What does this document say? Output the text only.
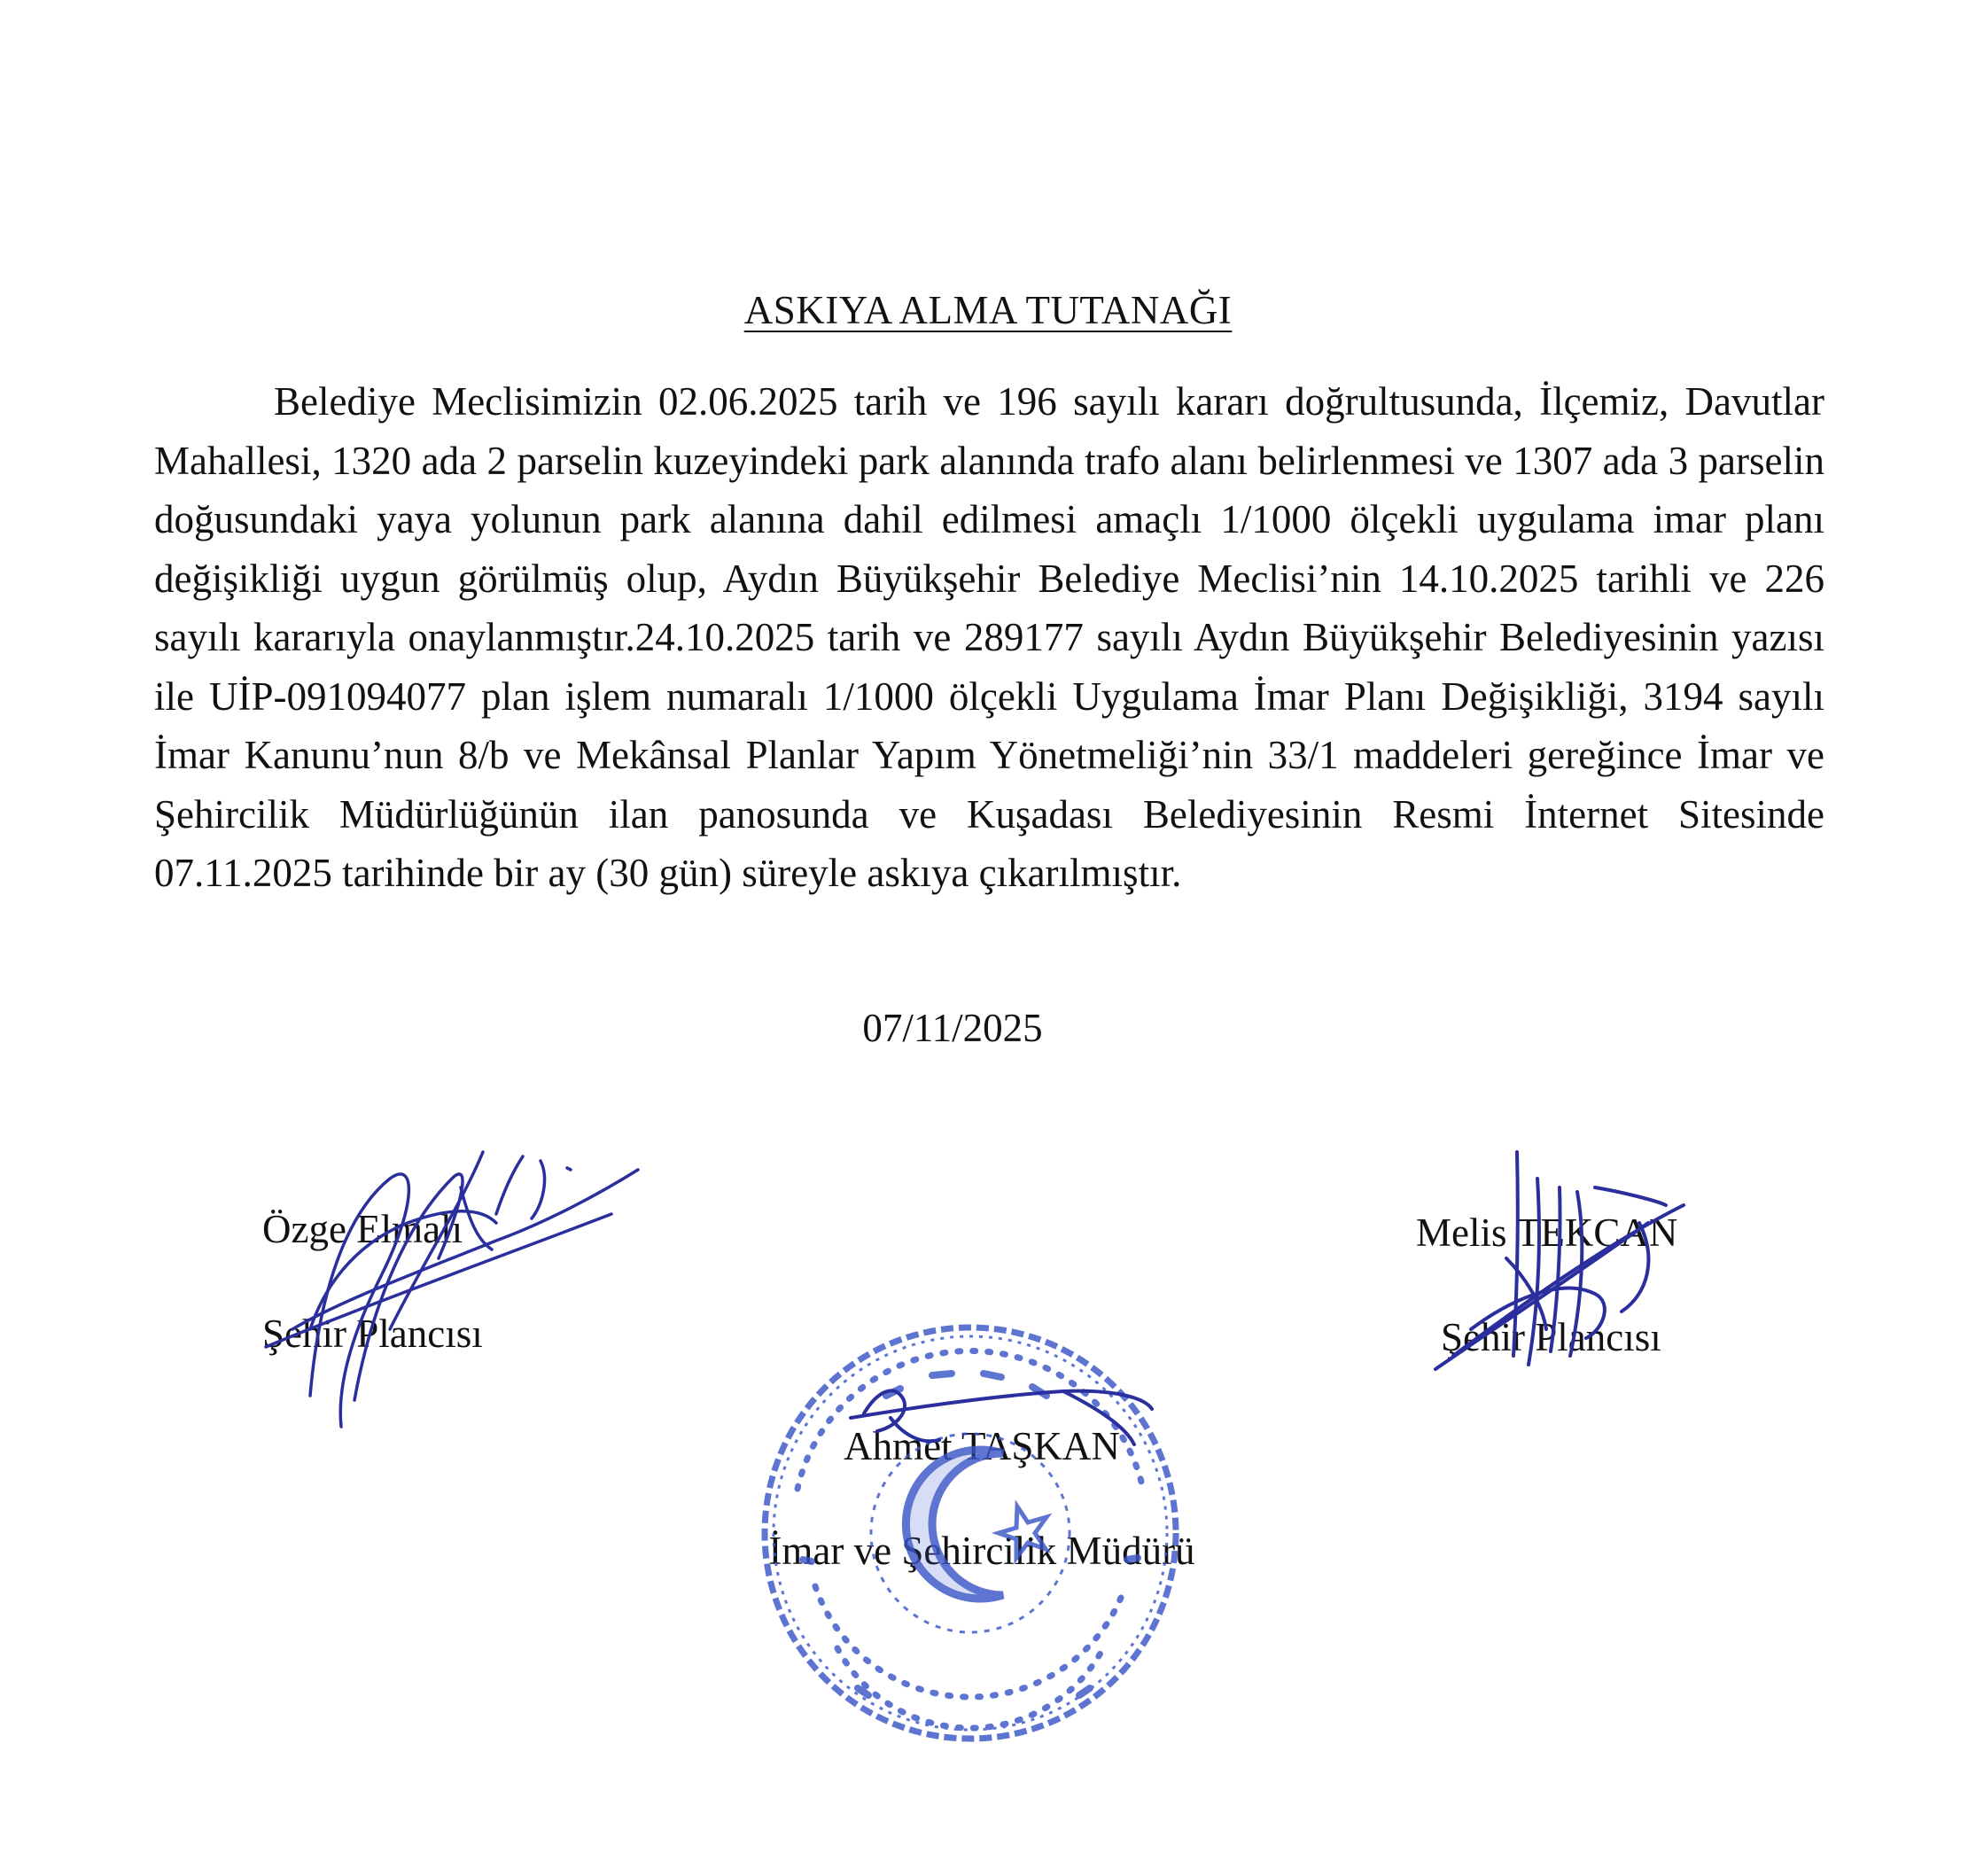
ASKIYA ALMA TUTANAĞI

Belediye Meclisimizin 02.06.2025 tarih ve 196 sayılı kararı doğrultusunda, İlçemiz, Davutlar Mahallesi, 1320 ada 2 parselin kuzeyindeki park alanında trafo alanı belirlenmesi ve 1307 ada 3 parselin doğusundaki yaya yolunun park alanına dahil edilmesi amaçlı 1/1000 ölçekli uygulama imar planı değişikliği uygun görülmüş olup, Aydın Büyükşehir Belediye Meclisi’nin 14.10.2025 tarihli ve 226 sayılı kararıyla onaylanmıştır.24.10.2025 tarih ve 289177 sayılı Aydın Büyükşehir Belediyesinin yazısı ile UİP-091094077 plan işlem numaralı 1/1000 ölçekli Uygulama İmar Planı Değişikliği, 3194 sayılı İmar Kanunu’nun 8/b ve Mekânsal Planlar Yapım Yönetmeliği’nin 33/1 maddeleri gereğince İmar ve Şehircilik Müdürlüğünün ilan panosunda ve Kuşadası Belediyesinin Resmi İnternet Sitesinde 07.11.2025 tarihinde bir ay (30 gün) süreyle askıya çıkarılmıştır.

07/11/2025
Özge Elmalı
Şehir Plancısı
Melis TEKCAN
Şehir Plancısı
Ahmet TAŞKAN
İmar ve Şehircilik Müdürü
